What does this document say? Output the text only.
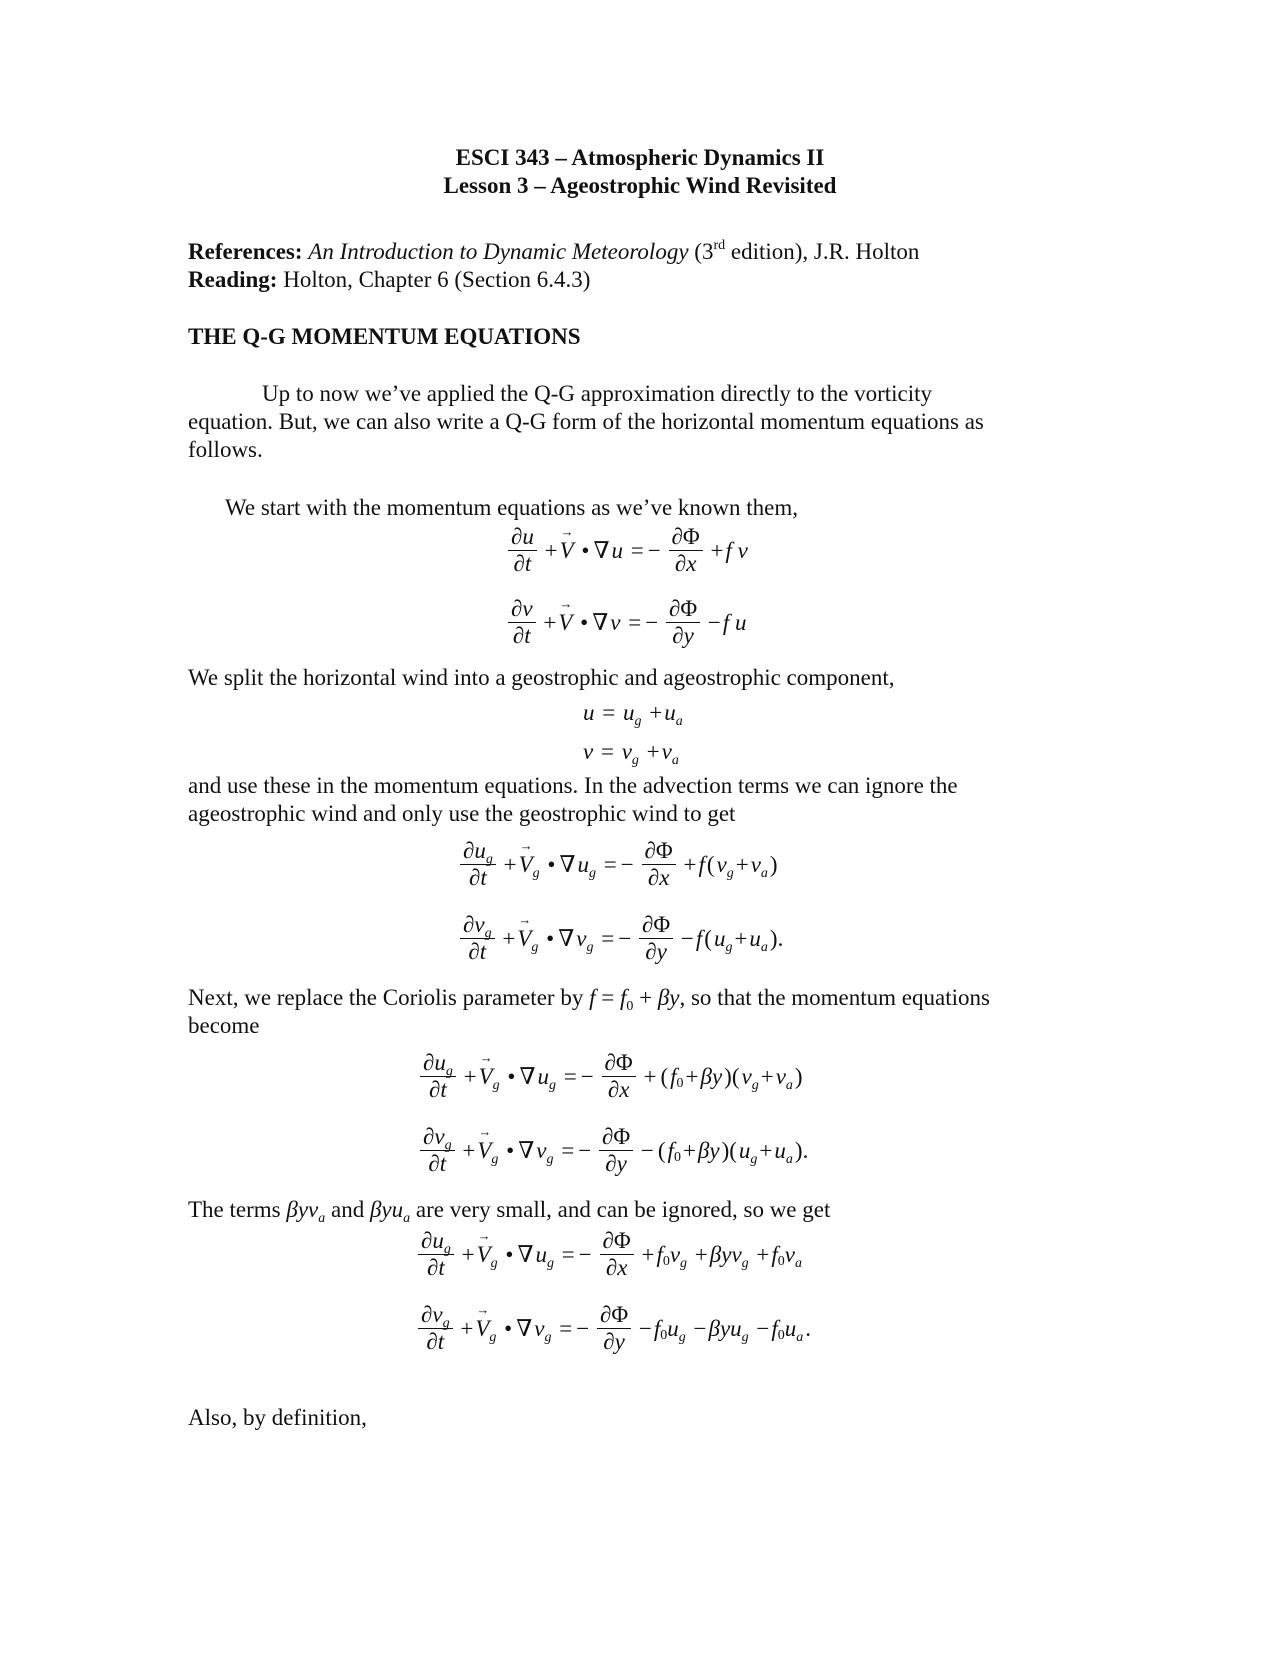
ESCI 343 – Atmospheric Dynamics II
Lesson 3 – Ageostrophic Wind Revisited
References: An Introduction to Dynamic Meteorology (3rd edition), J.R. Holton
Reading: Holton, Chapter 6 (Section 6.4.3)
THE Q-G MOMENTUM EQUATIONS
Up to now we’ve applied the Q-G approximation directly to the vorticity
equation. But, we can also write a Q-G form of the horizontal momentum equations as
follows.
We start with the momentum equations as we’ve known them,
$\frac{\partial u}{\partial t} +\to V$ • ∇u = − $\frac{\partial\Phi}{\partial x} +f$ v
$\frac{\partial v}{\partial t} +\to V$ • ∇v = − $\frac{\partial\Phi}{\partial y} -f$ u
We split the horizontal wind into a geostrophic and ageostrophic component,
$u = u_g +u_a$
$v = v_g +v_a$
and use these in the momentum equations. In the advection terms we can ignore the
ageostrophic wind and only use the geostrophic wind to get
$\frac{\partial u_g}{\partial t} +\to V_g$ • $\nabla u_g$ = − $\frac{\partial\Phi}{\partial x} +f(v_g+v_a)$
$\frac{\partial v_g}{\partial t} +\to V_g$ • $\nabla v_g$ = − $\frac{\partial\Phi}{\partial y} -f(u_g+u_a)$.
Next, we replace the Coriolis parameter by $f = f_0 + \beta y$, so that the momentum equations
become
$\frac{\partial u_g}{\partial t} +\to V_g$ • $\nabla u_g$ = − $\frac{\partial\Phi}{\partial x} + (f_0+\beta y)(v_g+v_a)$
$\frac{\partial v_g}{\partial t} +\to V_g$ • $\nabla v_g$ = − $\frac{\partial\Phi}{\partial y} - (f_0+\beta y)(u_g+u_a)$.
The terms βyv$_a$ and βyu$_a$ are very small, and can be ignored, so we get
$\frac{\partial u_g}{\partial t} +\to V_g$ • $\nabla u_g$ = − $\frac{\partial\Phi}{\partial x} +f_0v_g +\beta yv_g +f_0v_a$
$\frac{\partial v_g}{\partial t} +\to V_g$ • $\nabla v_g$ = − $\frac{\partial\Phi}{\partial y} -f_0u_g -\beta yu_g -f_0u_a$.
Also, by definition,
